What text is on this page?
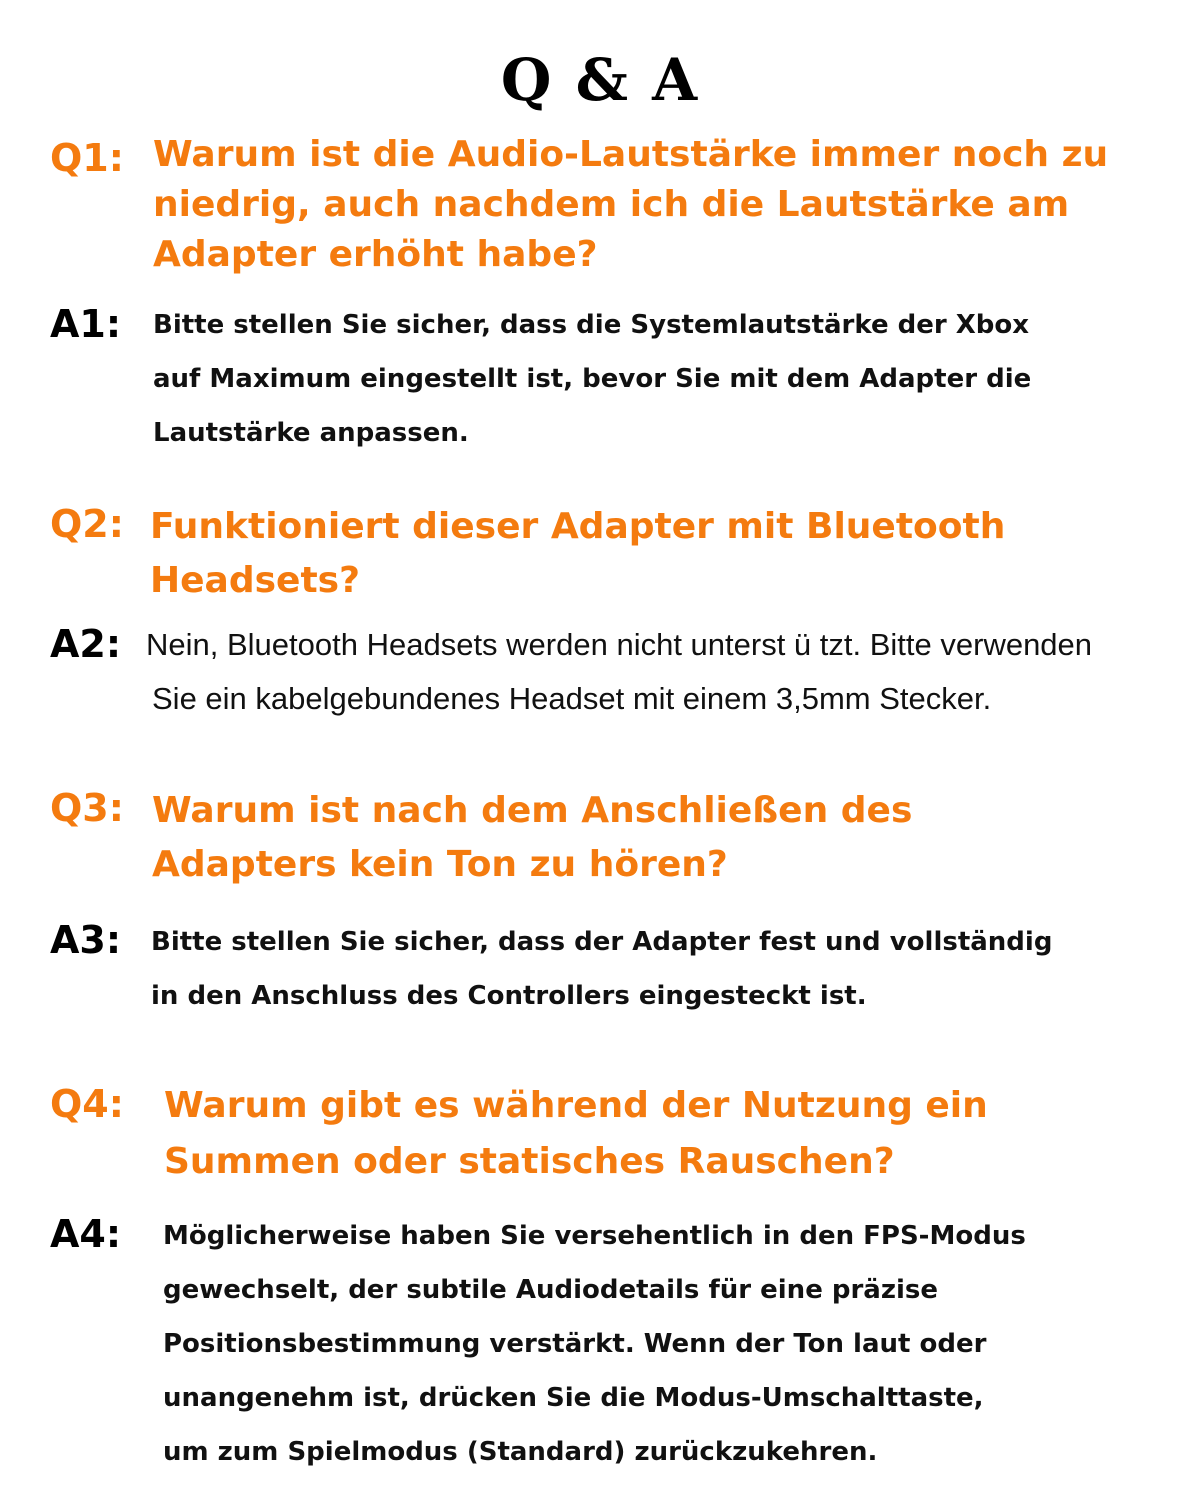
Q & A
Q1: Warum ist die Audio-Lautstärke immer noch zu
niedrig, auch nachdem ich die Lautstärke am
Adapter erhöht habe?
A1: Bitte stellen Sie sicher, dass die Systemlautstärke der Xbox
auf Maximum eingestellt ist, bevor Sie mit dem Adapter die
Lautstärke anpassen.
Q2: Funktioniert dieser Adapter mit Bluetooth
Headsets?
A2: Nein, Bluetooth Headsets werden nicht unterst ü tzt. Bitte verwenden
Sie ein kabelgebundenes Headset mit einem 3,5mm Stecker.
Q3: Warum ist nach dem Anschließen des
Adapters kein Ton zu hören?
A3: Bitte stellen Sie sicher, dass der Adapter fest und vollständig
in den Anschluss des Controllers eingesteckt ist.
Q4: Warum gibt es während der Nutzung ein
Summen oder statisches Rauschen?
A4: Möglicherweise haben Sie versehentlich in den FPS-Modus
gewechselt, der subtile Audiodetails für eine präzise
Positionsbestimmung verstärkt. Wenn der Ton laut oder
unangenehm ist, drücken Sie die Modus-Umschalttaste,
um zum Spielmodus (Standard) zurückzukehren.
